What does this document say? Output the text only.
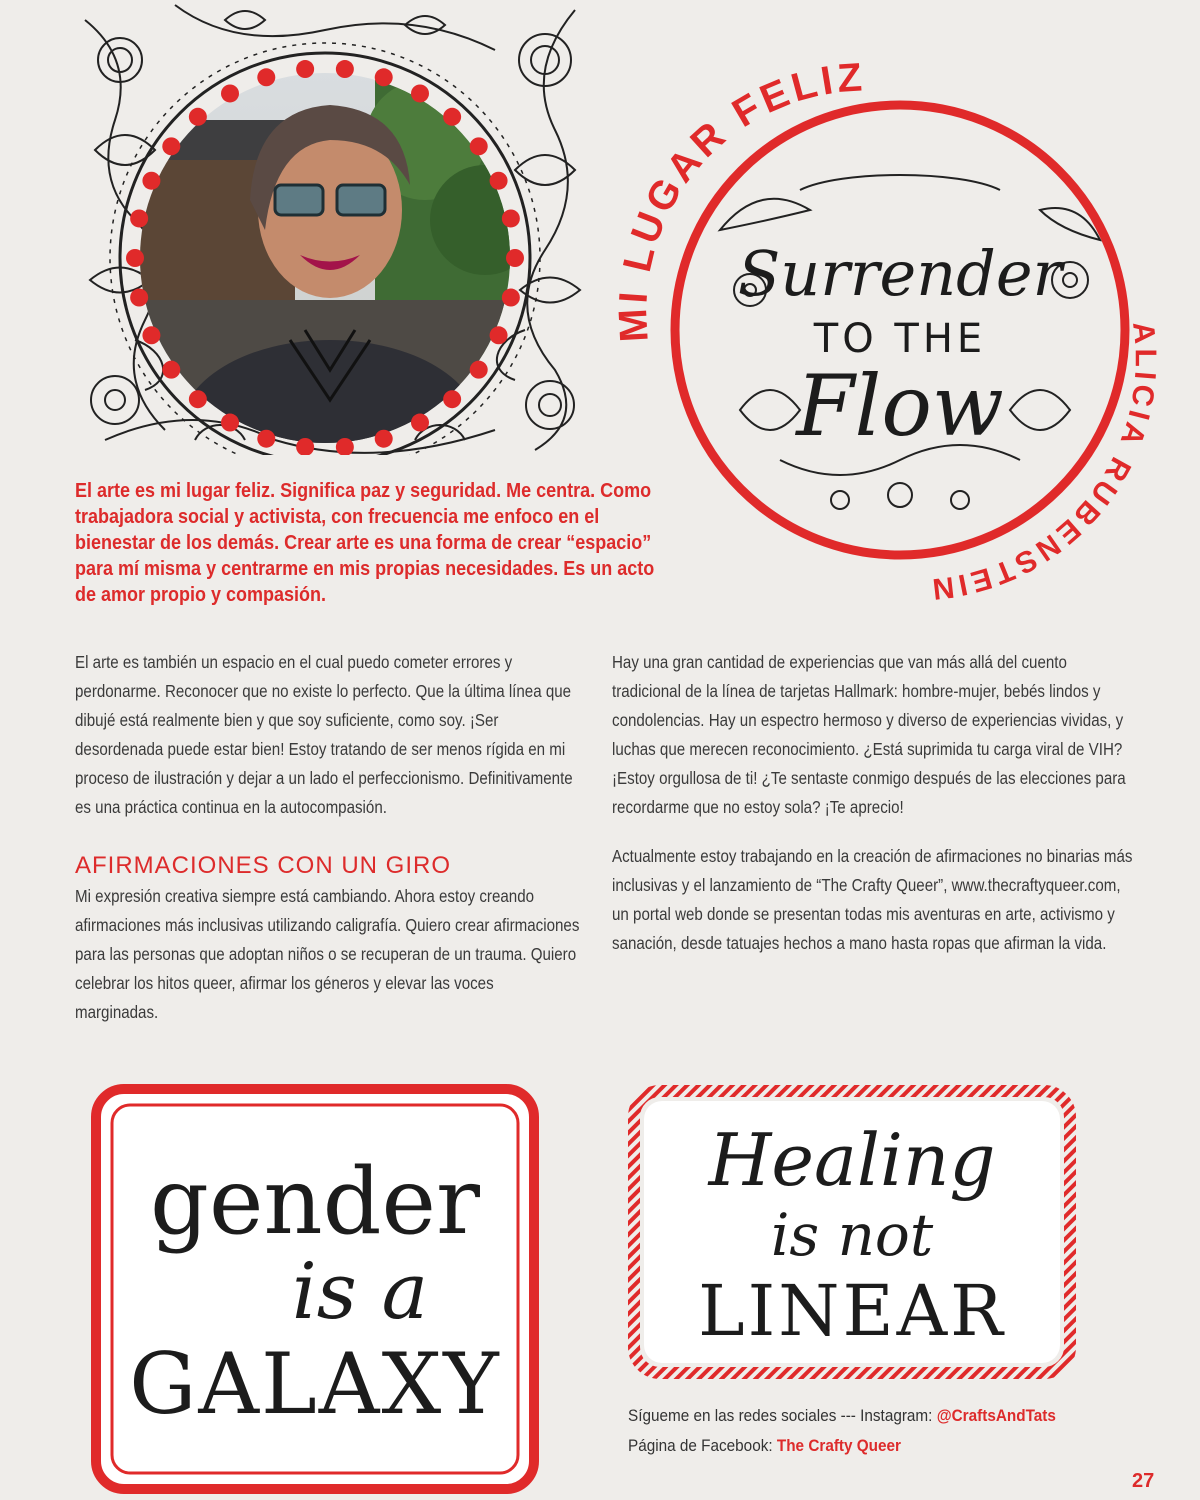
Surrender
TO THE
Flow
MI LUGAR FELIZ
ALICIA RUBENSTEIN

El arte es mi lugar feliz. Significa paz y seguridad. Me centra. Como trabajadora social y activista, con frecuencia me enfoco en el bienestar de los demás. Crear arte es una forma de crear “espacio” para mí misma y centrarme en mis propias necesidades. Es un acto de amor propio y compasión.

El arte es también un espacio en el cual puedo cometer errores y perdonarme. Reconocer que no existe lo perfecto. Que la última línea que dibujé está realmente bien y que soy suficiente, como soy. ¡Ser desordenada puede estar bien! Estoy tratando de ser menos rígida en mi proceso de ilustración y dejar a un lado el perfeccionismo. Definitivamente es una práctica continua en la autocompasión.

AFIRMACIONES CON UN GIRO

Mi expresión creativa siempre está cambiando. Ahora estoy creando afirmaciones más inclusivas utilizando caligrafía. Quiero crear afirmaciones para las personas que adoptan niños o se recuperan de un trauma. Quiero celebrar los hitos queer, afirmar los géneros y elevar las voces marginadas.

Hay una gran cantidad de experiencias que van más allá del cuento tradicional de la línea de tarjetas Hallmark: hombre-mujer, bebés lindos y condolencias. Hay un espectro hermoso y diverso de experiencias vividas, y luchas que merecen reconocimiento. ¿Está suprimida tu carga viral de VIH? ¡Estoy orgullosa de ti! ¿Te sentaste conmigo después de las elecciones para recordarme que no estoy sola? ¡Te aprecio!

Actualmente estoy trabajando en la creación de afirmaciones no binarias más inclusivas y el lanzamiento de “The Crafty Queer”, www.thecraftyqueer.com, un portal web donde se presentan todas mis aventuras en arte, activismo y sanación, desde tatuajes hechos a mano hasta ropas que afirman la vida.

gender
is a
GALAXY
Healing
is not
LINEAR
Sígueme en las redes sociales --- Instagram: @CraftsAndTats
Página de Facebook: The Crafty Queer
27
